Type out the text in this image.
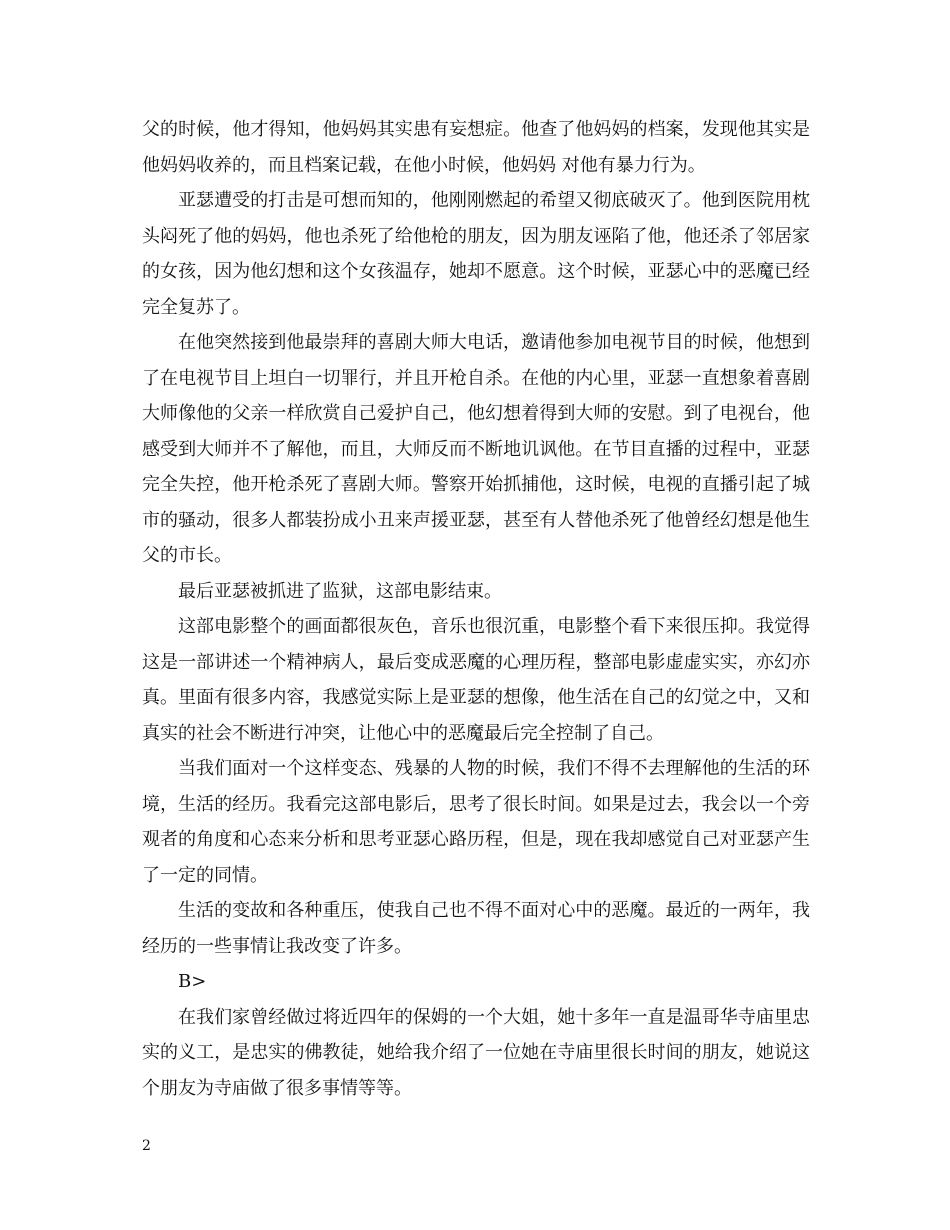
父的时候，他才得知，他妈妈其实患有妄想症。他查了他妈妈的档案，发现他其实是他妈妈收养的，而且档案记载，在他小时候，他妈妈 对他有暴力行为。

亚瑟遭受的打击是可想而知的，他刚刚燃起的希望又彻底破灭了。他到医院用枕头闷死了他的妈妈，他也杀死了给他枪的朋友，因为朋友诬陷了他，他还杀了邻居家的女孩，因为他幻想和这个女孩温存，她却不愿意。这个时候，亚瑟心中的恶魔已经完全复苏了。

在他突然接到他最崇拜的喜剧大师大电话，邀请他参加电视节目的时候，他想到了在电视节目上坦白一切罪行，并且开枪自杀。在他的内心里，亚瑟一直想象着喜剧大师像他的父亲一样欣赏自己爱护自己，他幻想着得到大师的安慰。到了电视台，他感受到大师并不了解他，而且，大师反而不断地讥讽他。在节目直播的过程中，亚瑟完全失控，他开枪杀死了喜剧大师。警察开始抓捕他，这时候，电视的直播引起了城市的骚动，很多人都装扮成小丑来声援亚瑟，甚至有人替他杀死了他曾经幻想是他生父的市长。

最后亚瑟被抓进了监狱，这部电影结束。

这部电影整个的画面都很灰色，音乐也很沉重，电影整个看下来很压抑。我觉得这是一部讲述一个精神病人，最后变成恶魔的心理历程，整部电影虚虚实实，亦幻亦真。里面有很多内容，我感觉实际上是亚瑟的想像，他生活在自己的幻觉之中，又和真实的社会不断进行冲突，让他心中的恶魔最后完全控制了自己。

当我们面对一个这样变态、残暴的人物的时候，我们不得不去理解他的生活的环境，生活的经历。我看完这部电影后，思考了很长时间。如果是过去，我会以一个旁观者的角度和心态来分析和思考亚瑟心路历程，但是，现在我却感觉自己对亚瑟产生了一定的同情。

生活的变故和各种重压，使我自己也不得不面对心中的恶魔。最近的一两年，我经历的一些事情让我改变了许多。

B>

在我们家曾经做过将近四年的保姆的一个大姐，她十多年一直是温哥华寺庙里忠实的义工，是忠实的佛教徒，她给我介绍了一位她在寺庙里很长时间的朋友，她说这个朋友为寺庙做了很多事情等等。

2
